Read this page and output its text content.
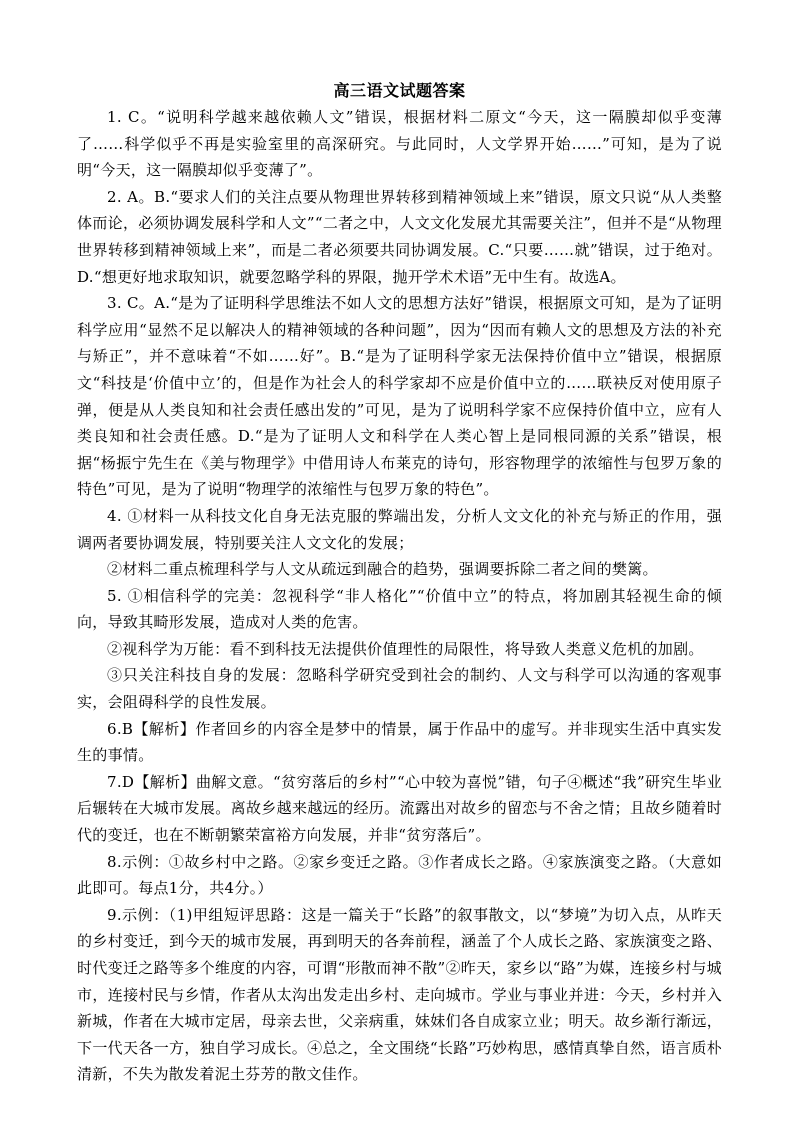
高三语文试题答案

1. C。“说明科学越来越依赖人文”错误，根据材料二原文“今天，这一隔膜却似乎变薄了……科学似乎不再是实验室里的高深研究。与此同时，人文学界开始……”可知，是为了说明“今天，这一隔膜却似乎变薄了”。

2. A。B.“要求人们的关注点要从物理世界转移到精神领域上来”错误，原文只说“从人类整体而论，必须协调发展科学和人文”“二者之中，人文文化发展尤其需要关注”，但并不是“从物理世界转移到精神领域上来”，而是二者必须要共同协调发展。C.“只要……就”错误，过于绝对。D.“想更好地求取知识，就要忽略学科的界限，抛开学术术语”无中生有。故选A。

3. C。A.“是为了证明科学思维法不如人文的思想方法好”错误，根据原文可知，是为了证明科学应用“显然不足以解决人的精神领域的各种问题”，因为“因而有赖人文的思想及方法的补充与矫正”，并不意味着“不如……好”。B.“是为了证明科学家无法保持价值中立”错误，根据原文“科技是‘价值中立’的，但是作为社会人的科学家却不应是价值中立的……联袂反对使用原子弹，便是从人类良知和社会责任感出发的”可见，是为了说明科学家不应保持价值中立，应有人类良知和社会责任感。D.“是为了证明人文和科学在人类心智上是同根同源的关系”错误，根据“杨振宁先生在《美与物理学》中借用诗人布莱克的诗句，形容物理学的浓缩性与包罗万象的特色”可见，是为了说明“物理学的浓缩性与包罗万象的特色”。

4. ①材料一从科技文化自身无法克服的弊端出发，分析人文文化的补充与矫正的作用，强调两者要协调发展，特别要关注人文文化的发展；

②材料二重点梳理科学与人文从疏远到融合的趋势，强调要拆除二者之间的樊篱。

5. ①相信科学的完美：忽视科学“非人格化”“价值中立”的特点，将加剧其轻视生命的倾向，导致其畸形发展，造成对人类的危害。

②视科学为万能：看不到科技无法提供价值理性的局限性，将导致人类意义危机的加剧。

③只关注科技自身的发展：忽略科学研究受到社会的制约、人文与科学可以沟通的客观事实，会阻碍科学的良性发展。

6.B【解析】作者回乡的内容全是梦中的情景，属于作品中的虚写。并非现实生活中真实发生的事情。

7.D【解析】曲解文意。“贫穷落后的乡村”“心中较为喜悦”错，句子④概述“我”研究生毕业后辗转在大城市发展。离故乡越来越远的经历。流露出对故乡的留恋与不舍之情；且故乡随着时代的变迁，也在不断朝繁荣富裕方向发展，并非“贫穷落后”。

8.示例：①故乡村中之路。②家乡变迁之路。③作者成长之路。④家族演变之路。（大意如此即可。每点1分，共4分。）

9.示例：（1)甲组短评思路：这是一篇关于“长路”的叙事散文，以“梦境”为切入点，从昨天的乡村变迁，到今天的城市发展，再到明天的各奔前程，涵盖了个人成长之路、家族演变之路、时代变迁之路等多个维度的内容，可谓“形散而神不散”②昨天，家乡以“路”为媒，连接乡村与城市，连接村民与乡情，作者从太沟出发走出乡村、走向城市。学业与事业并进：今天，乡村并入新城，作者在大城市定居，母亲去世，父亲病重，妹妹们各自成家立业；明天。故乡渐行渐远，下一代天各一方，独自学习成长。④总之，全文围绕“长路”巧妙构思，感情真挚自然，语言质朴清新，不失为散发着泥土芬芳的散文佳作。
